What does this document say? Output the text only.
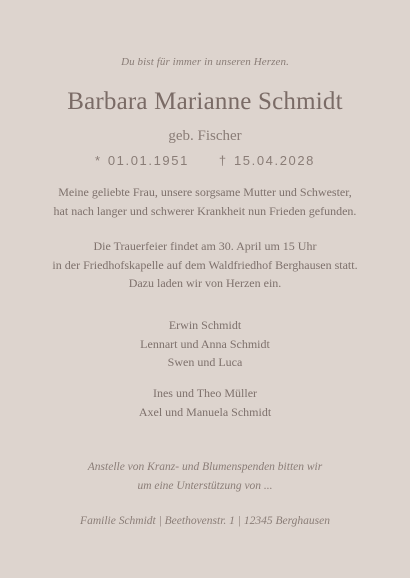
Du bist für immer in unseren Herzen.
Barbara Marianne Schmidt
geb. Fischer
* 01.01.1951 † 15.04.2028
Meine geliebte Frau, unsere sorgsame Mutter und Schwester,
hat nach langer und schwerer Krankheit nun Frieden gefunden.
Die Trauerfeier findet am 30. April um 15 Uhr
in der Friedhofskapelle auf dem Waldfriedhof Berghausen statt.
Dazu laden wir von Herzen ein.
Erwin Schmidt
Lennart und Anna Schmidt
Swen und Luca
Ines und Theo Müller
Axel und Manuela Schmidt
Anstelle von Kranz- und Blumenspenden bitten wir
um eine Unterstützung von ...
Familie Schmidt | Beethovenstr. 1 | 12345 Berghausen
